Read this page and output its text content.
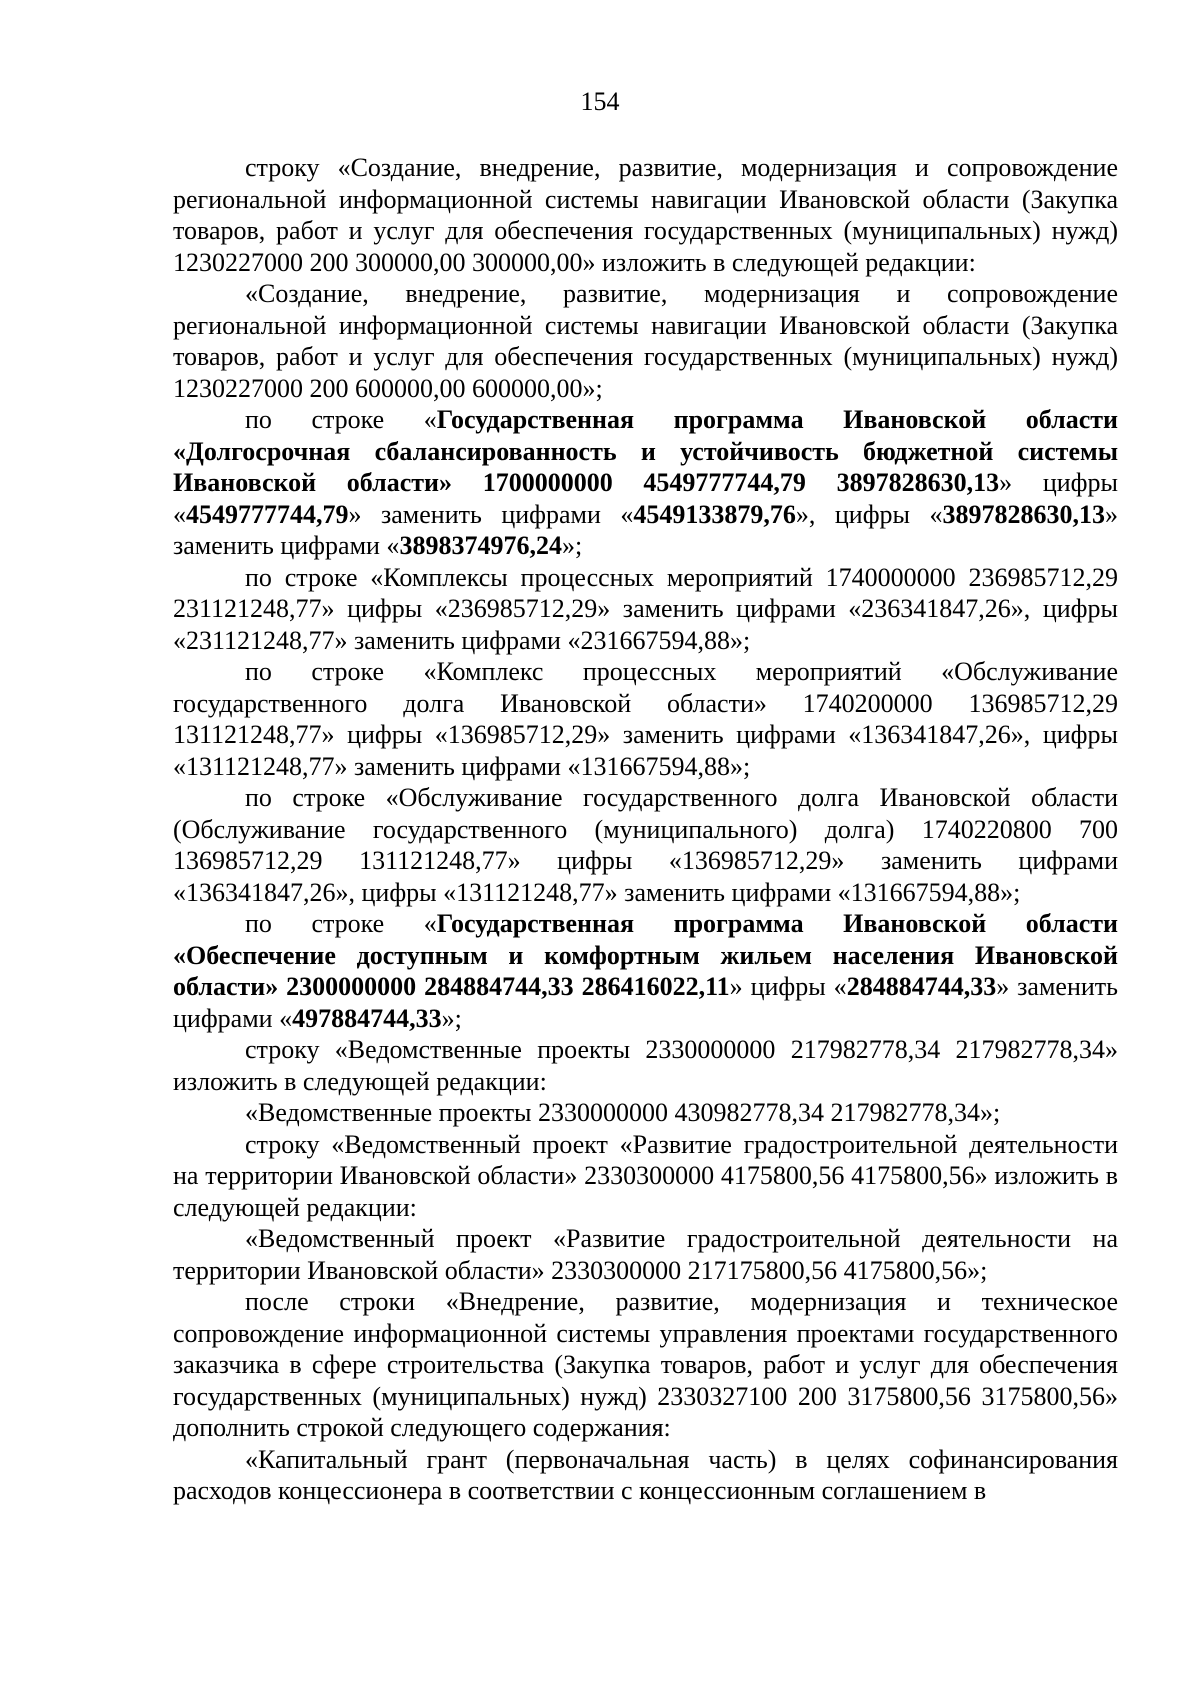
154

строку «Создание, внедрение, развитие, модернизация и сопровождение региональной информационной системы навигации Ивановской области (Закупка товаров, работ и услуг для обеспечения государственных (муниципальных) нужд) 1230227000 200 300000,00 300000,00» изложить в следующей редакции:

«Создание, внедрение, развитие, модернизация и сопровождение региональной информационной системы навигации Ивановской области (Закупка товаров, работ и услуг для обеспечения государственных (муниципальных) нужд) 1230227000 200 600000,00 600000,00»;

по строке «Государственная программа Ивановской области «Долгосрочная сбалансированность и устойчивость бюджетной системы Ивановской области» 1700000000 4549777744,79 3897828630,13» цифры «4549777744,79» заменить цифрами «4549133879,76», цифры «3897828630,13» заменить цифрами «3898374976,24»;

по строке «Комплексы процессных мероприятий 1740000000 236985712,29 231121248,77» цифры «236985712,29» заменить цифрами «236341847,26», цифры «231121248,77» заменить цифрами «231667594,88»;

по строке «Комплекс процессных мероприятий «Обслуживание государственного долга Ивановской области» 1740200000 136985712,29 131121248,77» цифры «136985712,29» заменить цифрами «136341847,26», цифры «131121248,77» заменить цифрами «131667594,88»;

по строке «Обслуживание государственного долга Ивановской области (Обслуживание государственного (муниципального) долга) 1740220800 700 136985712,29 131121248,77» цифры «136985712,29» заменить цифрами «136341847,26», цифры «131121248,77» заменить цифрами «131667594,88»;

по строке «Государственная программа Ивановской области «Обеспечение доступным и комфортным жильем населения Ивановской области» 2300000000 284884744,33 286416022,11» цифры «284884744,33» заменить цифрами «497884744,33»;

строку «Ведомственные проекты 2330000000 217982778,34 217982778,34» изложить в следующей редакции:

«Ведомственные проекты 2330000000 430982778,34 217982778,34»;

строку «Ведомственный проект «Развитие градостроительной деятельности на территории Ивановской области» 2330300000 4175800,56 4175800,56» изложить в следующей редакции:

«Ведомственный проект «Развитие градостроительной деятельности на территории Ивановской области» 2330300000 217175800,56 4175800,56»;

после строки «Внедрение, развитие, модернизация и техническое сопровождение информационной системы управления проектами государственного заказчика в сфере строительства (Закупка товаров, работ и услуг для обеспечения государственных (муниципальных) нужд) 2330327100 200 3175800,56 3175800,56» дополнить строкой следующего содержания:

«Капитальный грант (первоначальная часть) в целях софинансирования расходов концессионера в соответствии с концессионным соглашением в
